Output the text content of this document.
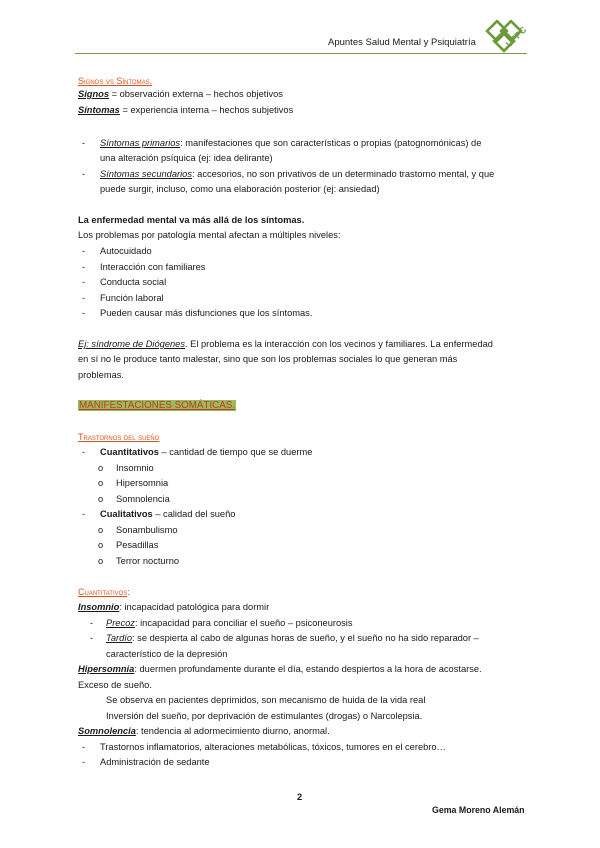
Apuntes Salud Mental y Psiquiatría	UFPC
Signos vs Síntomas.
Signos = observación externa – hechos objetivos
Síntomas = experiencia interna – hechos subjetivos
- Síntomas primarios: manifestaciones que son características o propias (patognomónicas) de
una alteración psíquica (ej: idea delirante)
- Síntomas secundarios: accesorios, no son privativos de un determinado trastorno mental, y que
puede surgir, incluso, como una elaboración posterior (ej: ansiedad)
La enfermedad mental va más allá de los síntomas.
Los problemas por patología mental afectan a múltiples niveles:
- Autocuidado
- Interacción con familiares
- Conducta social
- Función laboral
- Pueden causar más disfunciones que los síntomas.
Ej: síndrome de Diógenes. El problema es la interacción con los vecinos y familiares. La enfermedad
en sí no le produce tanto malestar, sino que son los problemas sociales lo que generan más
problemas.
MANIFESTACIONES SOMÁTICAS.
Trastornos del sueño
- Cuantitativos – cantidad de tiempo que se duerme
o Insomnio
o Hipersomnia
o Somnolencia
- Cualitativos – calidad del sueño
o Sonambulismo
o Pesadillas
o Terror nocturno
Cuantitativos:
Insomnio: incapacidad patológica para dormir
- Precoz: incapacidad para conciliar el sueño – psiconeurosis
- Tardío: se despierta al cabo de algunas horas de sueño, y el sueño no ha sido reparador –
característico de la depresión
Hipersomnia: duermen profundamente durante el día, estando despiertos a la hora de acostarse.
Exceso de sueño.
Se observa en pacientes deprimidos, son mecanismo de huida de la vida real
Inversión del sueño, por deprivación de estimulantes (drogas) o Narcolepsia.
Somnolencia: tendencia al adormecimiento diurno, anormal.
- Trastornos inflamatorios, alteraciones metabólicas, tóxicos, tumores en el cerebro…
- Administración de sedante
2
Gema Moreno Alemán
